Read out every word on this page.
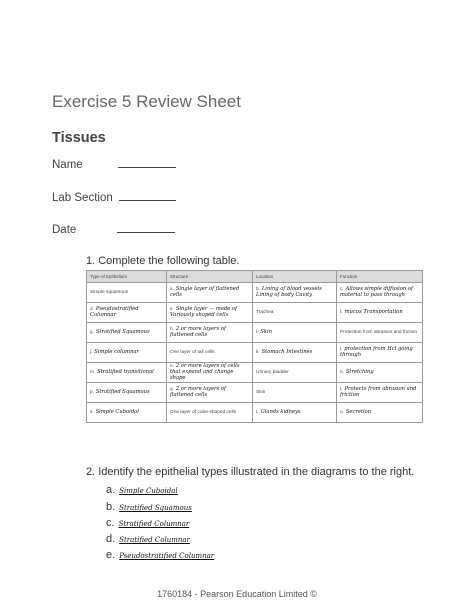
Exercise 5 Review Sheet
Tissues
Name
Lab Section
Date
1. Complete the following table.
Type of Epithelium	Structure	Location	Function
Simple squamous	a. Single layer of flattened cells	b. Lining of blood vessels Lining of body Cavity	c. Allows simple diffusion of material to pass through
d. Pseudostratified Columnar	e. Single layer — made of Variously shaped cells	Trachea	f. mucus Transportation
g. Stratified Squamous	h. 2 or more layers of flattened cells	i. Skin	Protection from abrasion and friction
j. Simple columnar	One layer of tall cells	k. Stomach Intestines	l. protection from Hcl going through
m. Stratified transitional	n. 2 or more layers of cells that expand and change shape	Urinary bladder	o. Stretching
p. Stratified Squamous	q. 2 or more layers of flattened cells	Skin	r. Protects from abrasion and friction
s. Simple Cuboidal	One layer of cube-shaped cells	t. Glands kidneys	u. Secretion
2. Identify the epithelial types illustrated in the diagrams to the right.
a. Simple Cuboidal
b. Stratified Squamous
c. Stratified Columnar
d. Stratified Columnar
e. Pseudostratified Columnar
1760184 - Pearson Education Limited ©
